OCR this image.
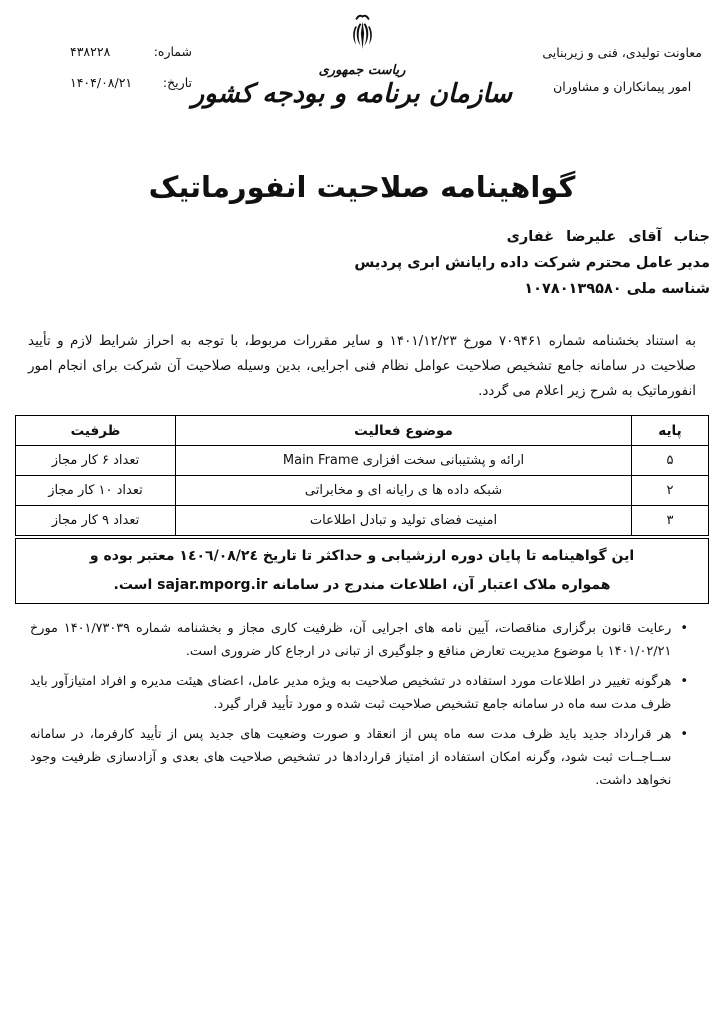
شماره:
۴۳۸۲۲۸
تاریخ:
۱۴۰۴/۰۸/۲۱
ریاست جمهوری
سازمان برنامه و بودجه کشور
معاونت تولیدی، فنی و زیربنایی
امور پیمانکاران و مشاوران
گواهینامه صلاحیت انفورماتیک
جناب آقای علیرضا غفاری
مدیر عامل محترم شرکت داده رایانش ابری پردیس
شناسه ملی ۱۰۷۸۰۱۳۹۵۸۰

به استناد بخشنامه شماره ۷۰۹۴۶۱ مورخ ۱۴۰۱/۱۲/۲۳ و سایر مقررات مربوط، با توجه به احراز شرایط لازم و تأیید صلاحیت در سامانه جامع تشخیص صلاحیت عوامل نظام فنی اجرایی، بدین وسیله صلاحیت آن شرکت برای انجام امور انفورماتیک به شرح زیر اعلام می گردد.

پایه	موضوع فعالیت	ظرفیت
۵	ارائه و پشتیبانی سخت افزاری Main Frame	تعداد ۶ کار مجاز
۲	شبکه داده ها ی رایانه ای و مخابراتی	تعداد ۱۰ کار مجاز
۳	امنیت فضای تولید و تبادل اطلاعات	تعداد ۹ کار مجاز
این گواهینامه تا پایان دوره ارزشیابی و حداکثر تا تاریخ ١٤٠٦/٠٨/٢٤ معتبر بوده و
همواره ملاک اعتبار آن، اطلاعات مندرج در سامانه sajar.mporg.ir است.
•

رعایت قانون برگزاری مناقصات، آیین نامه های اجرایی آن، ظرفیت کاری مجاز و بخشنامه شماره ۱۴۰۱/۷۳۰۳۹ مورخ ۱۴۰۱/۰۲/۲۱ با موضوع مدیریت تعارض منافع و جلوگیری از تبانی در ارجاع کار ضروری است.

•

هرگونه تغییر در اطلاعات مورد استفاده در تشخیص صلاحیت به ویژه مدیر عامل، اعضای هیئت مدیره و افراد امتیازآور باید ظرف مدت سه ماه در سامانه جامع تشخیص صلاحیت ثبت شده و مورد تأیید قرار گیرد.

•

هر قرارداد جدید باید ظرف مدت سه ماه پس از انعقاد و صورت وضعیت های جدید پس از تأیید کارفرما، در سامانه ســاجــات ثبت شود، وگرنه امکان استفاده از امتیاز قراردادها در تشخیص صلاحیت های بعدی و آزادسازی ظرفیت وجود نخواهد داشت.
